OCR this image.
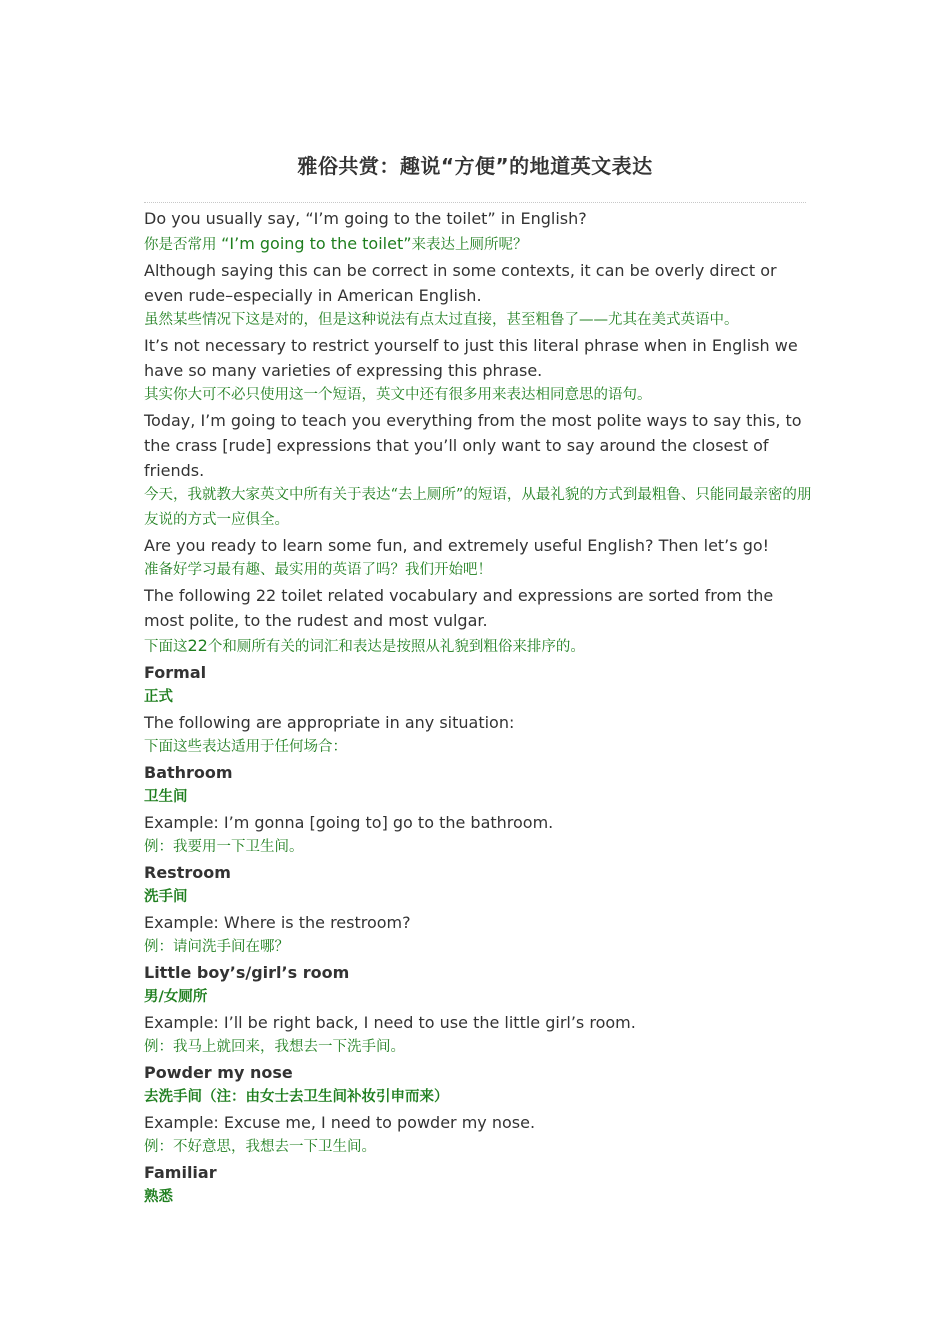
雅俗共赏：趣说“方便”的地道英文表达

Do you usually say, “I’m going to the toilet” in English?

你是否常用 “I’m going to the toilet”来表达上厕所呢？

Although saying this can be correct in some contexts, it can be overly direct or even rude–especially in American English.

虽然某些情况下这是对的，但是这种说法有点太过直接，甚至粗鲁了——尤其在美式英语中。

It’s not necessary to restrict yourself to just this literal phrase when in English we have so many varieties of expressing this phrase.

其实你大可不必只使用这一个短语，英文中还有很多用来表达相同意思的语句。

Today, I’m going to teach you everything from the most polite ways to say this, to the crass [rude] expressions that you’ll only want to say around the closest of friends.

今天，我就教大家英文中所有关于表达“去上厕所”的短语，从最礼貌的方式到最粗鲁、只能同最亲密的朋友说的方式一应俱全。

Are you ready to learn some fun, and extremely useful English? Then let’s go!

准备好学习最有趣、最实用的英语了吗？我们开始吧！

The following 22 toilet related vocabulary and expressions are sorted from the most polite, to the rudest and most vulgar.

下面这22个和厕所有关的词汇和表达是按照从礼貌到粗俗来排序的。

Formal

正式

The following are appropriate in any situation:

下面这些表达适用于任何场合：

Bathroom

卫生间

Example: I’m gonna [going to] go to the bathroom.

例：我要用一下卫生间。

Restroom

洗手间

Example: Where is the restroom?

例：请问洗手间在哪？

Little boy’s/girl’s room

男/女厕所

Example: I’ll be right back, I need to use the little girl’s room.

例：我马上就回来，我想去一下洗手间。

Powder my nose

去洗手间（注：由女士去卫生间补妆引申而来）

Example: Excuse me, I need to powder my nose.

例：不好意思，我想去一下卫生间。

Familiar

熟悉
